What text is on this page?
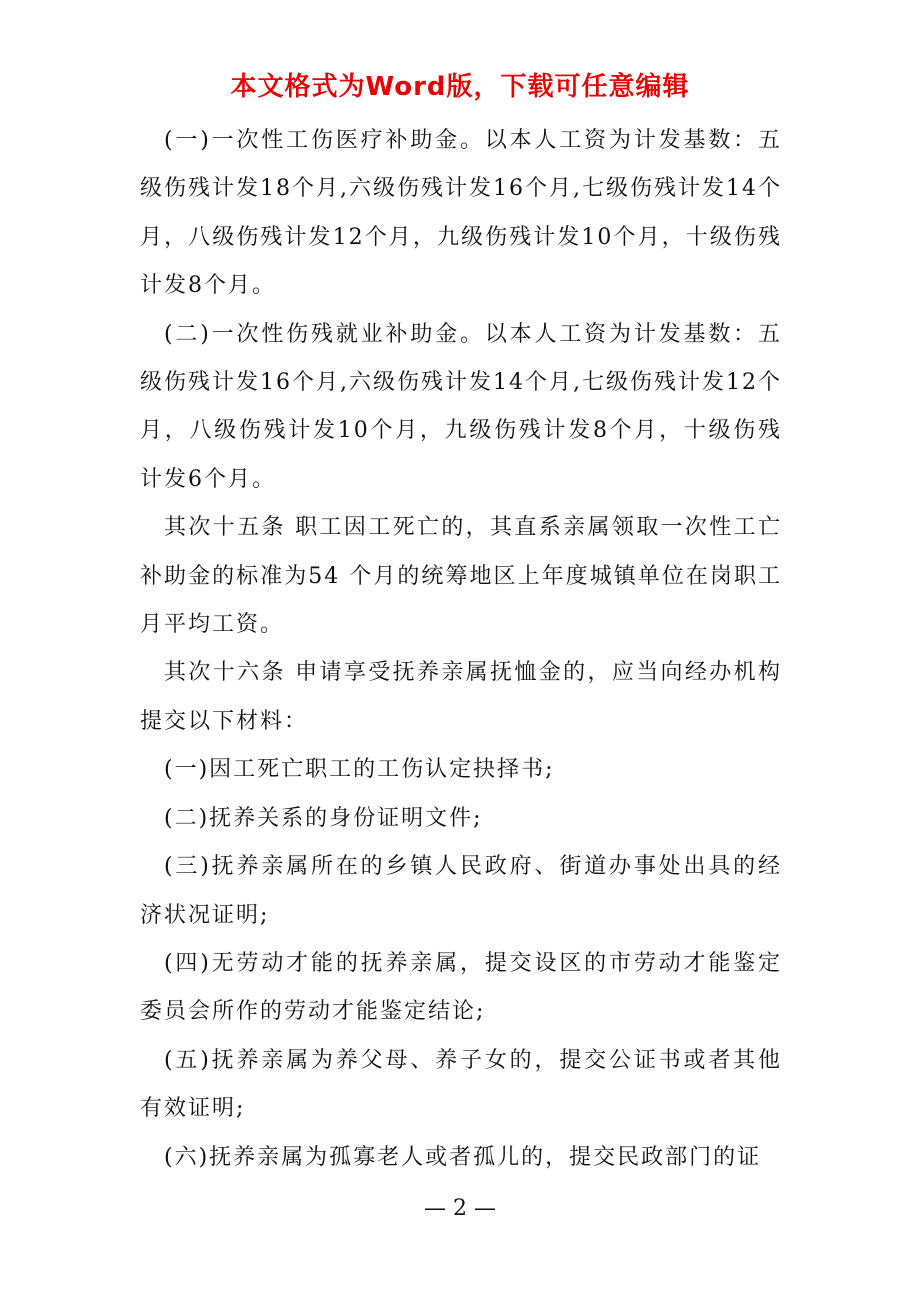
本文格式为Word版，下载可任意编辑

(一)一次性工伤医疗补助金。以本人工资为计发基数：五级伤残计发18个月,六级伤残计发16个月,七级伤残计发14个月，八级伤残计发12个月，九级伤残计发10个月，十级伤残计发8个月。

(二)一次性伤残就业补助金。以本人工资为计发基数：五级伤残计发16个月,六级伤残计发14个月,七级伤残计发12个月，八级伤残计发10个月，九级伤残计发8个月，十级伤残计发6个月。

其次十五条 职工因工死亡的，其直系亲属领取一次性工亡补助金的标准为54 个月的统筹地区上年度城镇单位在岗职工月平均工资。

其次十六条 申请享受抚养亲属抚恤金的，应当向经办机构提交以下材料：

(一)因工死亡职工的工伤认定抉择书;

(二)抚养关系的身份证明文件;

(三)抚养亲属所在的乡镇人民政府、街道办事处出具的经济状况证明;

(四)无劳动才能的抚养亲属，提交设区的市劳动才能鉴定委员会所作的劳动才能鉴定结论;

(五)抚养亲属为养父母、养子女的，提交公证书或者其他有效证明;

(六)抚养亲属为孤寡老人或者孤儿的，提交民政部门的证

— 2 —
